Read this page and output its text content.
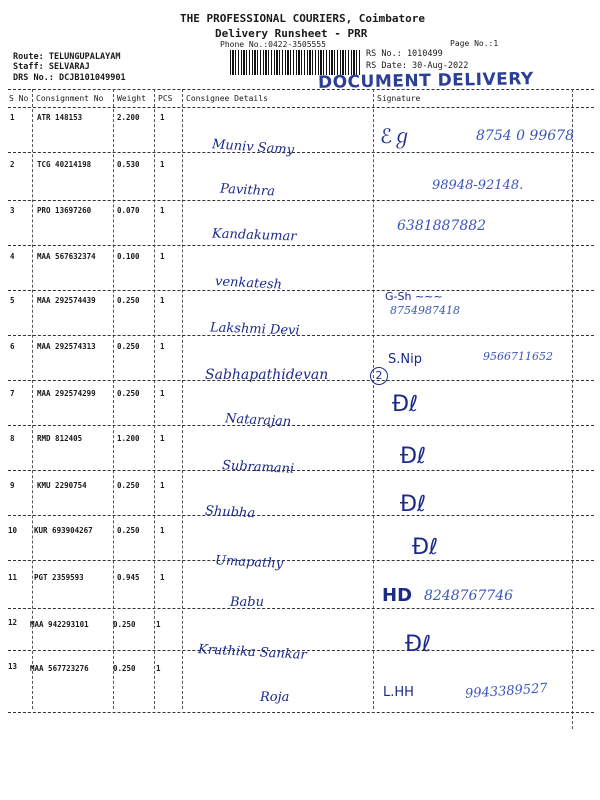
THE PROFESSIONAL COURIERS, Coimbatore
Delivery Runsheet - PRR
Phone No.:0422-3505555	Page No.:1
Route: TELUNGUPALAYAM
Staff: SELVARAJ
DRS No.: DCJB101049901
RS No.: 1010499
RS Date: 30-Aug-2022
DOCUMENT DELIVERY
S No Consignment No Weight PCS Consignee Details	Signature
1	ATR 148153	2.200	1
Muniv Samy
8754 0 99678
ℰℊ
2	TCG 40214198	0.530	1
Pavithra	98948-92148.
3	PRO 13697260	0.070	1
Kandakumar
6381887882
4	MAA 567632374	0.100	1
venkatesh
5	MAA 292574439	0.250	1
Lakshmi Devi
G-Sh ~~~
8754987418
6	MAA 292574313	0.250	1
Sabhapathidevan	2
S.Nip	9566711652
7	MAA 292574299	0.250	1
Natarajan
Ðℓ
8	RMD 812405	1.200	1
Subramani	Ðℓ
9	KMU 2290754	0.250	1
Shubha	Ðℓ
10 KUR 693904267	0.250	1
Umapathy
Ðℓ
11 PGT 2359593	0.945	1
Babu	HD 8248767746
12 MAA 942293101	0.250	1
Kruthika Sankar	Ðℓ
13 MAA 567723276	0.250	1
Roja	L.HH	9943389527
